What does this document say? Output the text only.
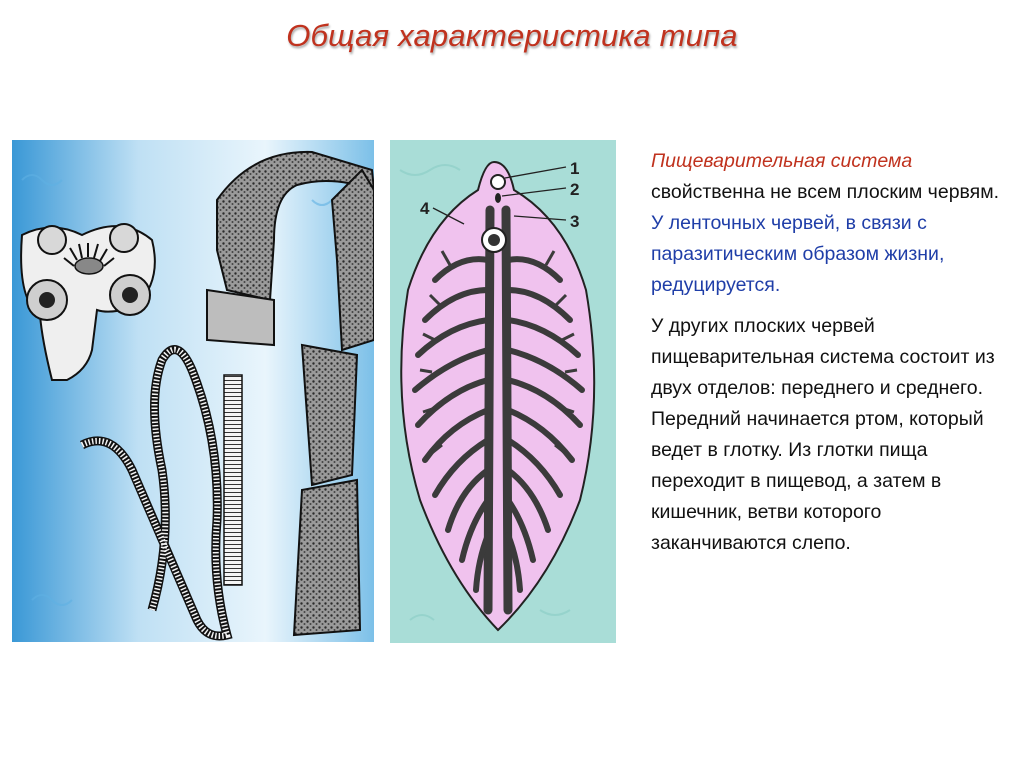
Общая характеристика типа
1
2
3
4

Пищеварительная система свойственна не всем плоским червям. У ленточных червей, в связи с паразитическим образом жизни, редуцируется.

У других плоских червей пищеварительная система состоит из двух отделов: переднего и среднего. Передний начинается ртом, который ведет в глотку. Из глотки пища переходит в пищевод, а затем в кишечник, ветви которого заканчиваются слепо.
